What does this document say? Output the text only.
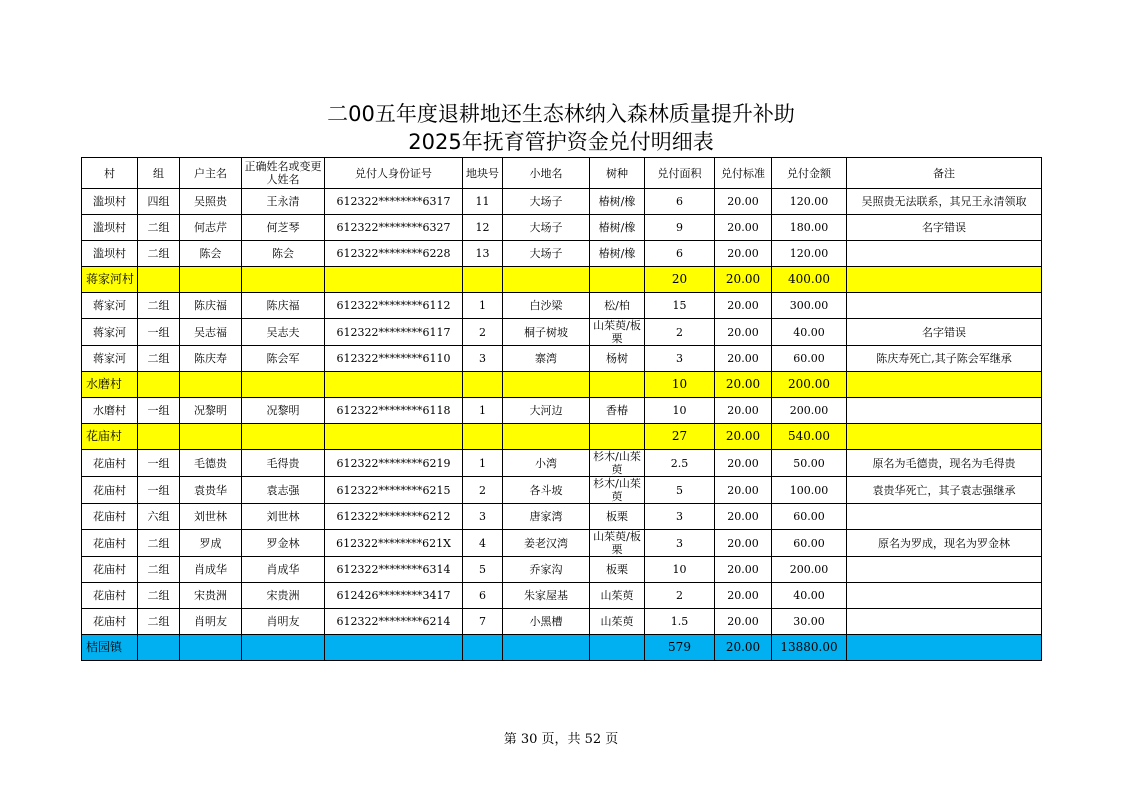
二00五年度退耕地还生态林纳入森林质量提升补助
2025年抚育管护资金兑付明细表
村	组	户主名	正确姓名或变更人姓名	兑付人身份证号	地块号	小地名	树种	兑付面积	兑付标准	兑付金额	备注
滥坝村	四组	吴照贵	王永清	612322********6317	11	大场子	椿树/橡	6	20.00	120.00	吴照贵无法联系，其兄王永清领取
滥坝村	二组	何志芹	何芝琴	612322********6327	12	大场子	椿树/橡	9	20.00	180.00	名字错误
滥坝村	二组	陈会	陈会	612322********6228	13	大场子	椿树/橡	6	20.00	120.00	
蒋家河村								20	20.00	400.00	
蒋家河	二组	陈庆福	陈庆福	612322********6112	1	白沙梁	松/柏	15	20.00	300.00	
蒋家河	一组	吴志福	吴志夫	612322********6117	2	桐子树坡	山茱萸/板栗	2	20.00	40.00	名字错误
蒋家河	二组	陈庆寿	陈会军	612322********6110	3	寨湾	杨树	3	20.00	60.00	陈庆寿死亡,其子陈会军继承
水磨村								10	20.00	200.00	
水磨村	一组	况黎明	况黎明	612322********6118	1	大河边	香椿	10	20.00	200.00	
花庙村								27	20.00	540.00	
花庙村	一组	毛德贵	毛得贵	612322********6219	1	小湾	杉木/山茱萸	2.5	20.00	50.00	原名为毛德贵，现名为毛得贵
花庙村	一组	袁贵华	袁志强	612322********6215	2	各斗坡	杉木/山茱萸	5	20.00	100.00	袁贵华死亡，其子袁志强继承
花庙村	六组	刘世林	刘世林	612322********6212	3	唐家湾	板栗	3	20.00	60.00	
花庙村	二组	罗成	罗金林	612322********621X	4	姜老汉湾	山茱萸/板栗	3	20.00	60.00	原名为罗成，现名为罗金林
花庙村	二组	肖成华	肖成华	612322********6314	5	乔家沟	板栗	10	20.00	200.00	
花庙村	二组	宋贵洲	宋贵洲	612426********3417	6	朱家屋基	山茱萸	2	20.00	40.00	
花庙村	二组	肖明友	肖明友	612322********6214	7	小黑槽	山茱萸	1.5	20.00	30.00	
桔园镇								579	20.00	13880.00	
第 30 页，共 52 页
